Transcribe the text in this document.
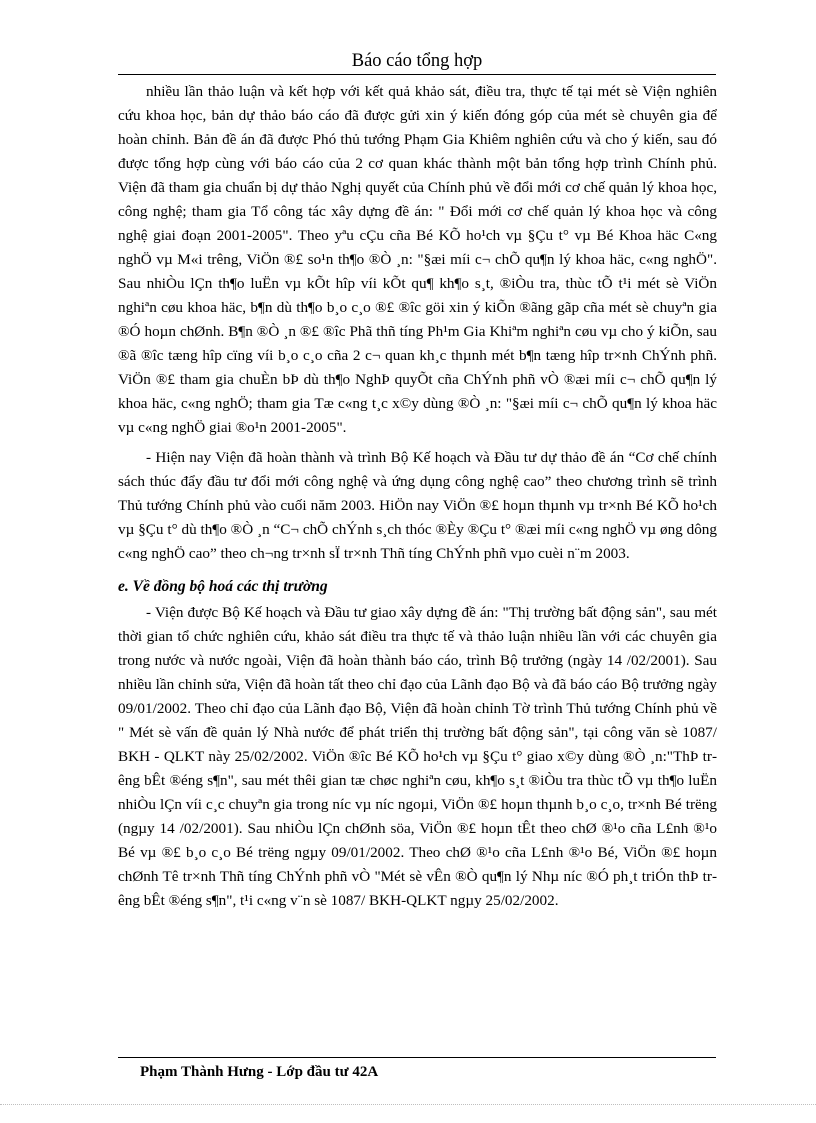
Báo cáo tổng hợp

nhiều lần thảo luận và kết hợp với kết quả khảo sát, điều tra, thực tế tại mét sè Viện nghiên cứu khoa học, bản dự thảo báo cáo đã được gửi xin ý kiến đóng góp của mét sè chuyên gia để hoàn chỉnh. Bản đề án đã được Phó thủ tướng Phạm Gia Khiêm nghiên cứu và cho ý kiến, sau đó được tổng hợp cùng với báo cáo của 2 cơ quan khác thành một bản tổng hợp trình Chính phủ. Viện đã tham gia chuẩn bị dự thảo Nghị quyết của Chính phủ về đổi mới cơ chế quản lý khoa học, công nghệ; tham gia Tổ công tác xây dựng đề án: " Đổi mới cơ chế quản lý khoa học và công nghệ giai đoạn 2001-2005". Theo yªu cÇu cña Bé KÕ ho¹ch vµ §Çu t° vµ Bé Khoa häc C«ng nghÖ vµ M«i trêng, ViÖn ®£ so¹n th¶o ®Ò ¸n: "§æi míi c¬ chÕ qu¶n lý khoa häc, c«ng nghÖ". Sau nhiÒu lÇn th¶o luËn vµ kÕt hîp víi kÕt qu¶ kh¶o s¸t, ®iÒu tra, thùc tÕ t¹i mét sè ViÖn nghiªn cøu khoa häc, b¶n dù th¶o b¸o c¸o ®£ ®îc göi xin ý kiÕn ®ãng gãp cña mét sè chuyªn gia ®Ó hoµn chØnh. B¶n ®Ò ¸n ®£ ®îc Phã thñ tíng Ph¹m Gia Khiªm nghiªn cøu vµ cho ý kiÕn, sau ®ã ®îc tæng hîp cïng víi b¸o c¸o cña 2 c¬ quan kh¸c thµnh mét b¶n tæng hîp tr×nh ChÝnh phñ. ViÖn ®£ tham gia chuÈn bÞ dù th¶o NghÞ quyÕt cña ChÝnh phñ vÒ ®æi míi c¬ chÕ qu¶n lý khoa häc, c«ng nghÖ; tham gia Tæ c«ng t¸c x©y dùng ®Ò ¸n: "§æi míi c¬ chÕ qu¶n lý khoa häc vµ c«ng nghÖ giai ®o¹n 2001-2005".

- Hiện nay Viện đã hoàn thành và trình Bộ Kế hoạch và Đầu tư dự thảo đề án “Cơ chế chính sách thúc đẩy đầu tư đổi mới công nghệ và ứng dụng công nghệ cao” theo chương trình sẽ trình Thủ tướng Chính phủ vào cuối năm 2003. HiÖn nay ViÖn ®£ hoµn thµnh vµ tr×nh Bé KÕ ho¹ch vµ §Çu t° dù th¶o ®Ò ¸n “C¬ chÕ chÝnh s¸ch thóc ®Èy ®Çu t° ®æi míi c«ng nghÖ vµ øng dông c«ng nghÖ cao” theo ch¬ng tr×nh sÏ tr×nh Thñ tíng ChÝnh phñ vµo cuèi n¨m 2003.

e. Về đồng bộ hoá các thị trường

- Viện được Bộ Kế hoạch và Đầu tư giao xây dựng đề án: "Thị trường bất động sản", sau mét thời gian tổ chức nghiên cứu, khảo sát điều tra thực tế và thảo luận nhiều lần với các chuyên gia trong nước và nước ngoài, Viện đã hoàn thành báo cáo, trình Bộ trưởng (ngày 14 /02/2001). Sau nhiều lần chỉnh sửa, Viện đã hoàn tất theo chỉ đạo của Lãnh đạo Bộ và đã báo cáo Bộ trưởng ngày 09/01/2002. Theo chỉ đạo của Lãnh đạo Bộ, Viện đã hoàn chỉnh Tờ trình Thủ tướng Chính phủ về " Mét sè vấn đề quản lý Nhà nước để phát triển thị trường bất động sản", tại công văn sè 1087/ BKH - QLKT này 25/02/2002. ViÖn ®îc Bé KÕ ho¹ch vµ §Çu t° giao x©y dùng ®Ò ¸n:"ThÞ trêng bÊt ®éng s¶n", sau mét thêi gian tæ chøc nghiªn cøu, kh¶o s¸t ®iÒu tra thùc tÕ vµ th¶o luËn nhiÒu lÇn víi c¸c chuyªn gia trong níc vµ níc ngoµi, ViÖn ®£ hoµn thµnh b¸o c¸o, tr×nh Bé trëng (ngµy 14 /02/2001). Sau nhiÒu lÇn chØnh söa, ViÖn ®£ hoµn tÊt theo chØ ®¹o cña L£nh ®¹o Bé vµ ®£ b¸o c¸o Bé trëng ngµy 09/01/2002. Theo chØ ®¹o cña L£nh ®¹o Bé, ViÖn ®£ hoµn chØnh Tê tr×nh Thñ tíng ChÝnh phñ vÒ "Mét sè vÊn ®Ò qu¶n lý Nhµ níc ®Ó ph¸t triÓn thÞ trêng bÊt ®éng s¶n", t¹i c«ng v¨n sè 1087/ BKH-QLKT ngµy 25/02/2002.

Phạm Thành Hưng - Lớp đầu tư 42A
